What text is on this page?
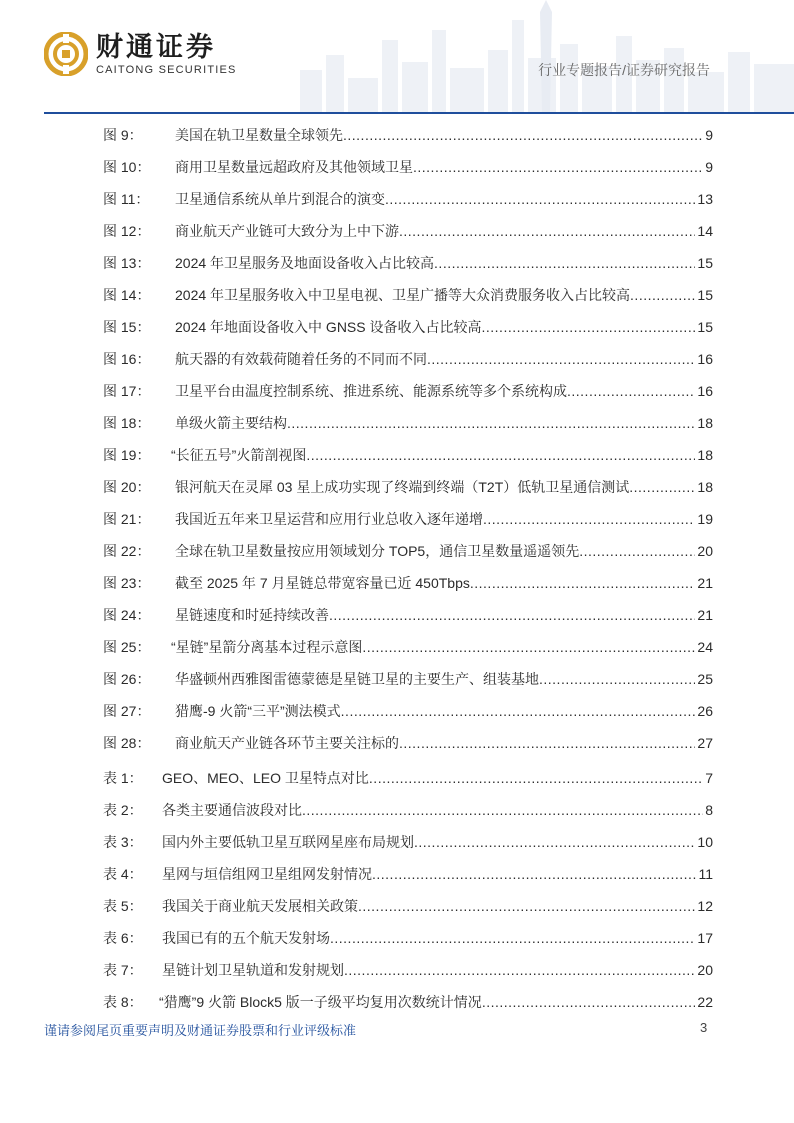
财通证券
CAITONG SECURITIES	行业专题报告/证券研究报告
图 9： 美国在轨卫星数量全球领先 .....	9
图 10： 商用卫星数量远超政府及其他领域卫星 .....	9
图 11： 卫星通信系统从单片到混合的演变 .....	13
图 12： 商业航天产业链可大致分为上中下游 .....	14
图 13： 2024 年卫星服务及地面设备收入占比较高 .....	15
图 14： 2024 年卫星服务收入中卫星电视、卫星广播等大众消费服务收入占比较高 .....	15
图 15： 2024 年地面设备收入中 GNSS 设备收入占比较高 .....	15
图 16： 航天器的有效载荷随着任务的不同而不同 .....	16
图 17： 卫星平台由温度控制系统、推进系统、能源系统等多个系统构成 .....	16
图 18： 单级火箭主要结构 .....	18
图 19： “长征五号”火箭剖视图 .....	18
图 20： 银河航天在灵犀 03 星上成功实现了终端到终端（T2T）低轨卫星通信测试 .....	18
图 21： 我国近五年来卫星运营和应用行业总收入逐年递增 .....	19
图 22： 全球在轨卫星数量按应用领域划分 TOP5，通信卫星数量遥遥领先 .....	20
图 23： 截至 2025 年 7 月星链总带宽容量已近 450Tbps .....	21
图 24： 星链速度和时延持续改善 .....	21
图 25： “星链”星箭分离基本过程示意图 .....	24
图 26： 华盛顿州西雅图雷德蒙德是星链卫星的主要生产、组装基地 .....	25
图 27： 猎鹰-9 火箭“三平”测法模式 .....	26
图 28： 商业航天产业链各环节主要关注标的 .....	27
表 1： GEO、MEO、LEO 卫星特点对比 .....	7
表 2： 各类主要通信波段对比 .....	8
表 3： 国内外主要低轨卫星互联网星座布局规划 .....	10
表 4： 星网与垣信组网卫星组网发射情况 .....	11
表 5： 我国关于商业航天发展相关政策 .....	12
表 6： 我国已有的五个航天发射场 .....	17
表 7： 星链计划卫星轨道和发射规划 .....	20
表 8： “猎鹰”9 火箭 Block5 版一子级平均复用次数统计情况 .....	22
谨请参阅尾页重要声明及财通证券股票和行业评级标准	3
